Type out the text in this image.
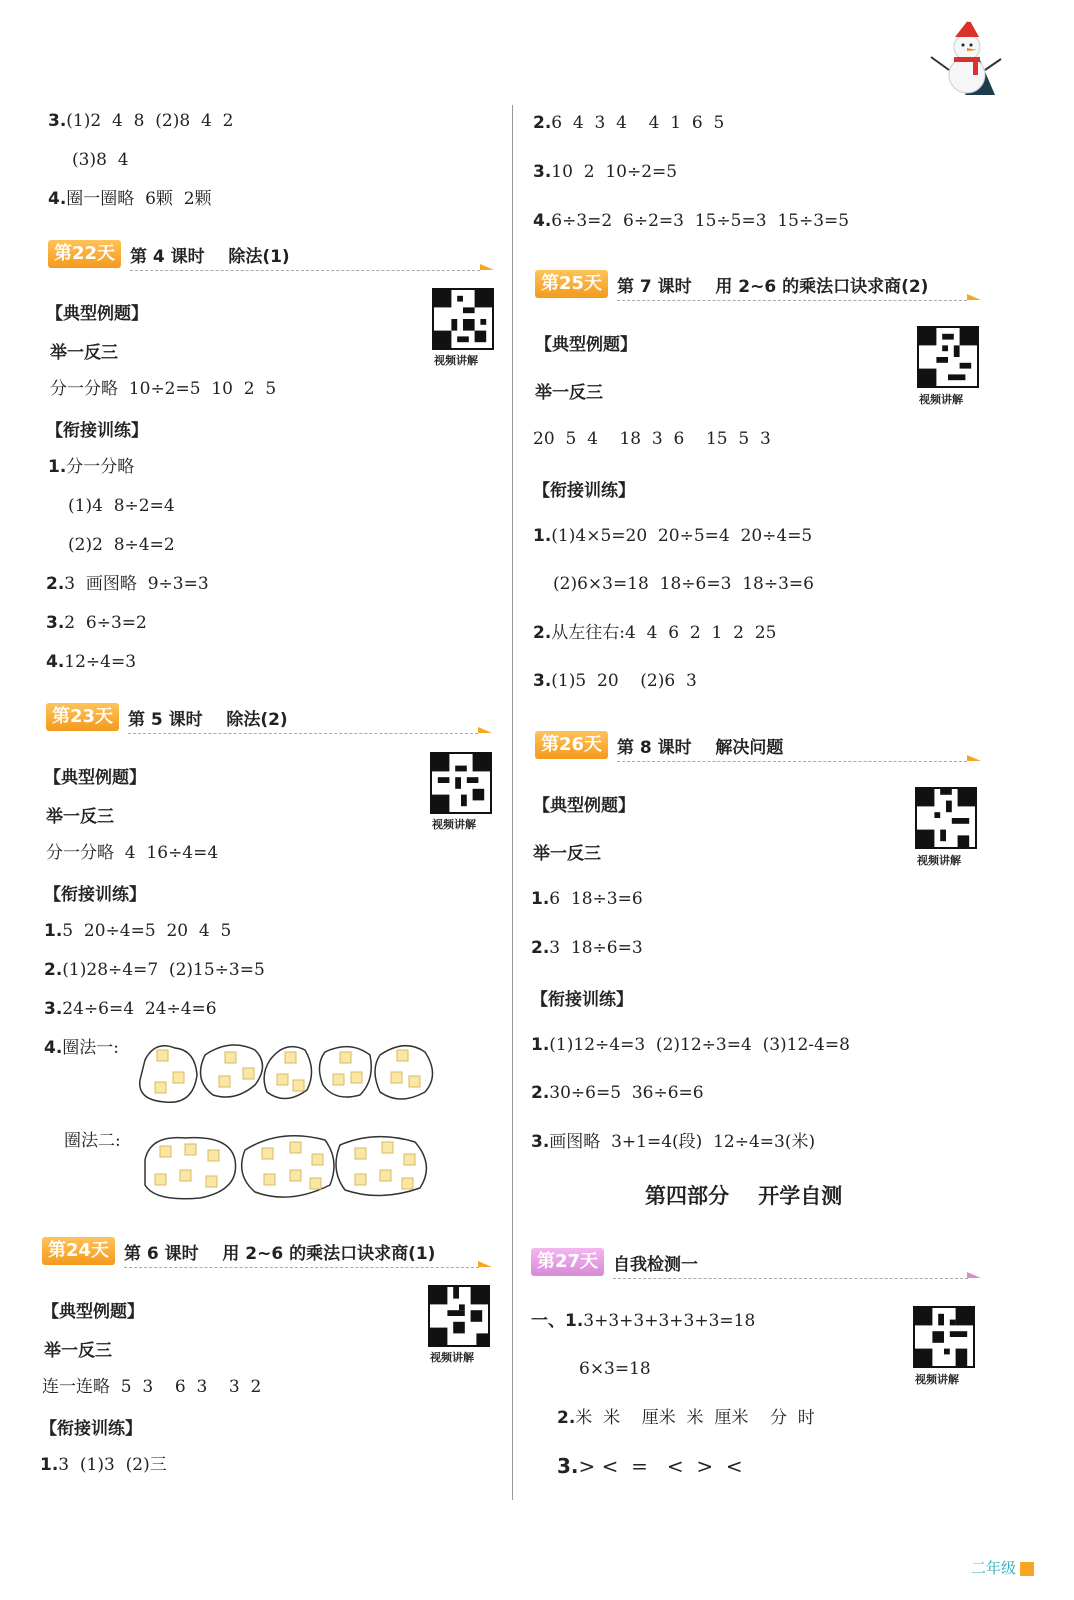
3.(1)2  4  8  (2)8  4  2
(3)8  4
4.圈一圈略  6颗  2颗
第22天 第 4 课时    除法(1)
【典型例题】
视频讲解
举一反三
分一分略  10÷2=5  10  2  5
【衔接训练】
1.分一分略
(1)4  8÷2=4
(2)2  8÷4=2
2.3  画图略  9÷3=3
3.2  6÷3=2
4.12÷4=3
第23天 第 5 课时    除法(2)
【典型例题】
视频讲解
举一反三
分一分略  4  16÷4=4
【衔接训练】
1.5  20÷4=5  20  4  5
2.(1)28÷4=7  (2)15÷3=5
3.24÷6=4  24÷4=6
4.圈法一:
圈法二:
第24天 第 6 课时    用 2~6 的乘法口诀求商(1)
【典型例题】
视频讲解
举一反三
连一连略  5  3    6  3    3  2
【衔接训练】
1.3  (1)3  (2)三
2.6  4  3  4    4  1  6  5
3.10  2  10÷2=5
4.6÷3=2  6÷2=3  15÷5=3  15÷3=5
第25天 第 7 课时    用 2~6 的乘法口诀求商(2)
【典型例题】
视频讲解
举一反三
20  5  4    18  3  6    15  5  3
【衔接训练】
1.(1)4×5=20  20÷5=4  20÷4=5
(2)6×3=18  18÷6=3  18÷3=6
2.从左往右:4  4  6  2  1  2  25
3.(1)5  20    (2)6  3
第26天 第 8 课时    解决问题
【典型例题】
视频讲解
举一反三
1.6  18÷3=6
2.3  18÷6=3
【衔接训练】
1.(1)12÷4=3  (2)12÷3=4  (3)12-4=8
2.30÷6=5  36÷6=6
3.画图略  3+1=4(段)  12÷4=3(米)
第四部分    开学自测
第27天 自我检测一
视频讲解
一、1.3+3+3+3+3+3=18
6×3=18
2.米  米    厘米  米  厘米    分  时
3.> <  =   <  >  <
二年级
